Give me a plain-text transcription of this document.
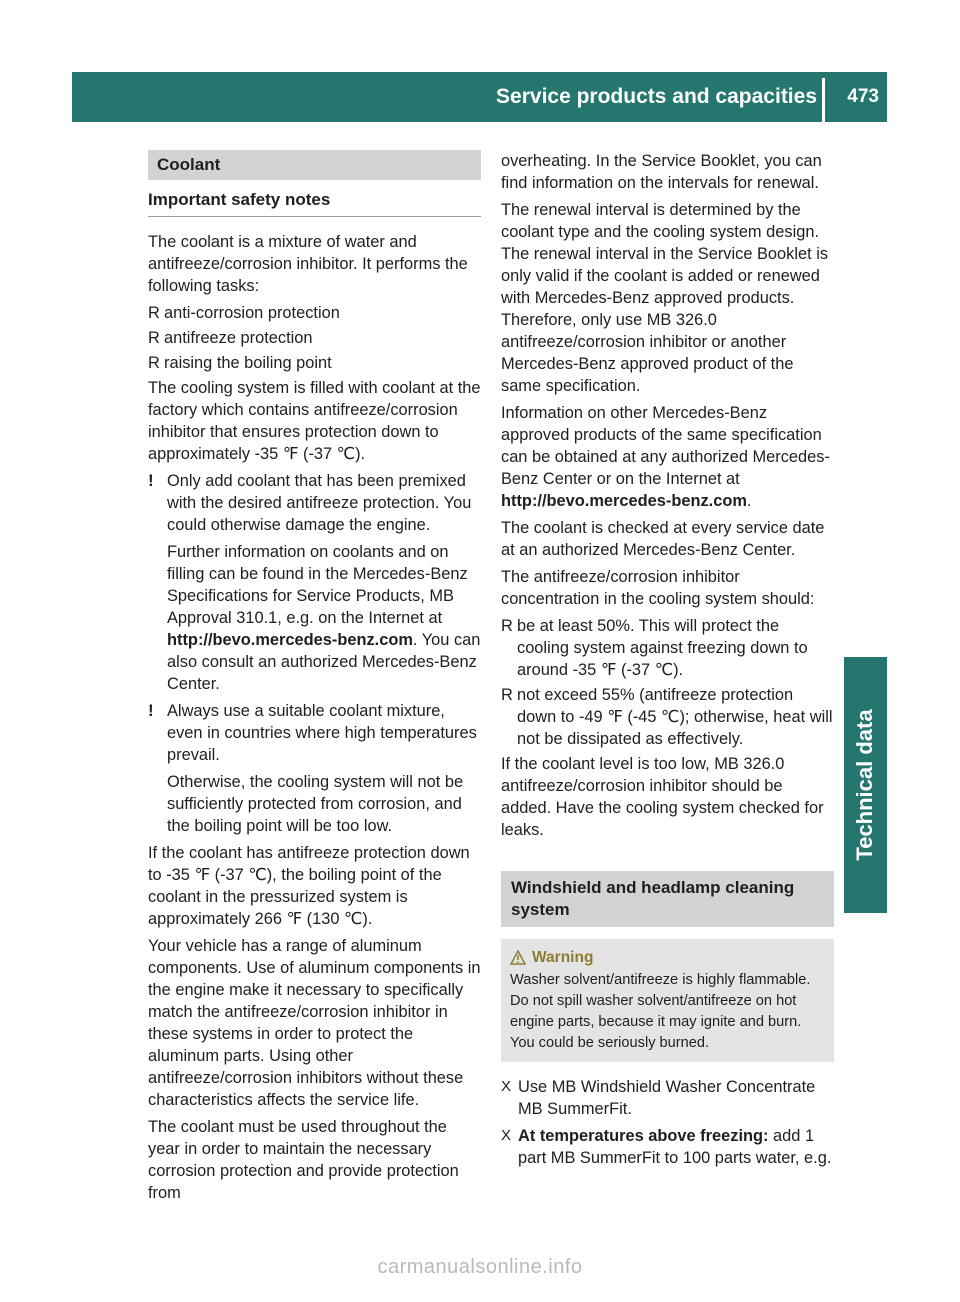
Service products and capacities 473
Technical data
Coolant
Important safety notes

The coolant is a mixture of water and antifreeze/corrosion inhibitor. It performs the following tasks:

R anti-corrosion protection
R antifreeze protection
R raising the boiling point

The cooling system is filled with coolant at the factory which contains antifreeze/corrosion inhibitor that ensures protection down to approximately -35 ℉ (-37 ℃).

! Only add coolant that has been premixed with the desired antifreeze protection. You could otherwise damage the engine.
Further information on coolants and on filling can be found in the Mercedes-Benz Specifications for Service Products, MB Approval 310.1, e.g. on the Internet at http://bevo.mercedes-benz.com. You can also consult an authorized Mercedes-Benz Center.
! Always use a suitable coolant mixture, even in countries where high temperatures prevail.
Otherwise, the cooling system will not be sufficiently protected from corrosion, and the boiling point will be too low.

If the coolant has antifreeze protection down to -35 ℉ (-37 ℃), the boiling point of the coolant in the pressurized system is approximately 266 ℉ (130 ℃).

Your vehicle has a range of aluminum components. Use of aluminum components in the engine make it necessary to specifically match the antifreeze/corrosion inhibitor in these systems in order to protect the aluminum parts. Using other antifreeze/corrosion inhibitors without these characteristics affects the service life.

The coolant must be used throughout the year in order to maintain the necessary corrosion protection and provide protection from

overheating. In the Service Booklet, you can find information on the intervals for renewal.

The renewal interval is determined by the coolant type and the cooling system design. The renewal interval in the Service Booklet is only valid if the coolant is added or renewed with Mercedes-Benz approved products. Therefore, only use MB 326.0 antifreeze/corrosion inhibitor or another Mercedes-Benz approved product of the same specification.

Information on other Mercedes-Benz approved products of the same specification can be obtained at any authorized Mercedes-Benz Center or on the Internet at http://bevo.mercedes-benz.com.

The coolant is checked at every service date at an authorized Mercedes-Benz Center.

The antifreeze/corrosion inhibitor concentration in the cooling system should:

R be at least 50%. This will protect the cooling system against freezing down to around -35 ℉ (-37 ℃).
R not exceed 55% (antifreeze protection down to -49 ℉ (-45 ℃); otherwise, heat will not be dissipated as effectively.

If the coolant level is too low, MB 326.0 antifreeze/corrosion inhibitor should be added. Have the cooling system checked for leaks.

Windshield and headlamp cleaning system
Warning
Washer solvent/antifreeze is highly flammable. Do not spill washer solvent/antifreeze on hot engine parts, because it may ignite and burn. You could be seriously burned.
X Use MB Windshield Washer Concentrate MB SummerFit.
X At temperatures above freezing: add 1 part MB SummerFit to 100 parts water, e.g.
carmanualsonline.info
